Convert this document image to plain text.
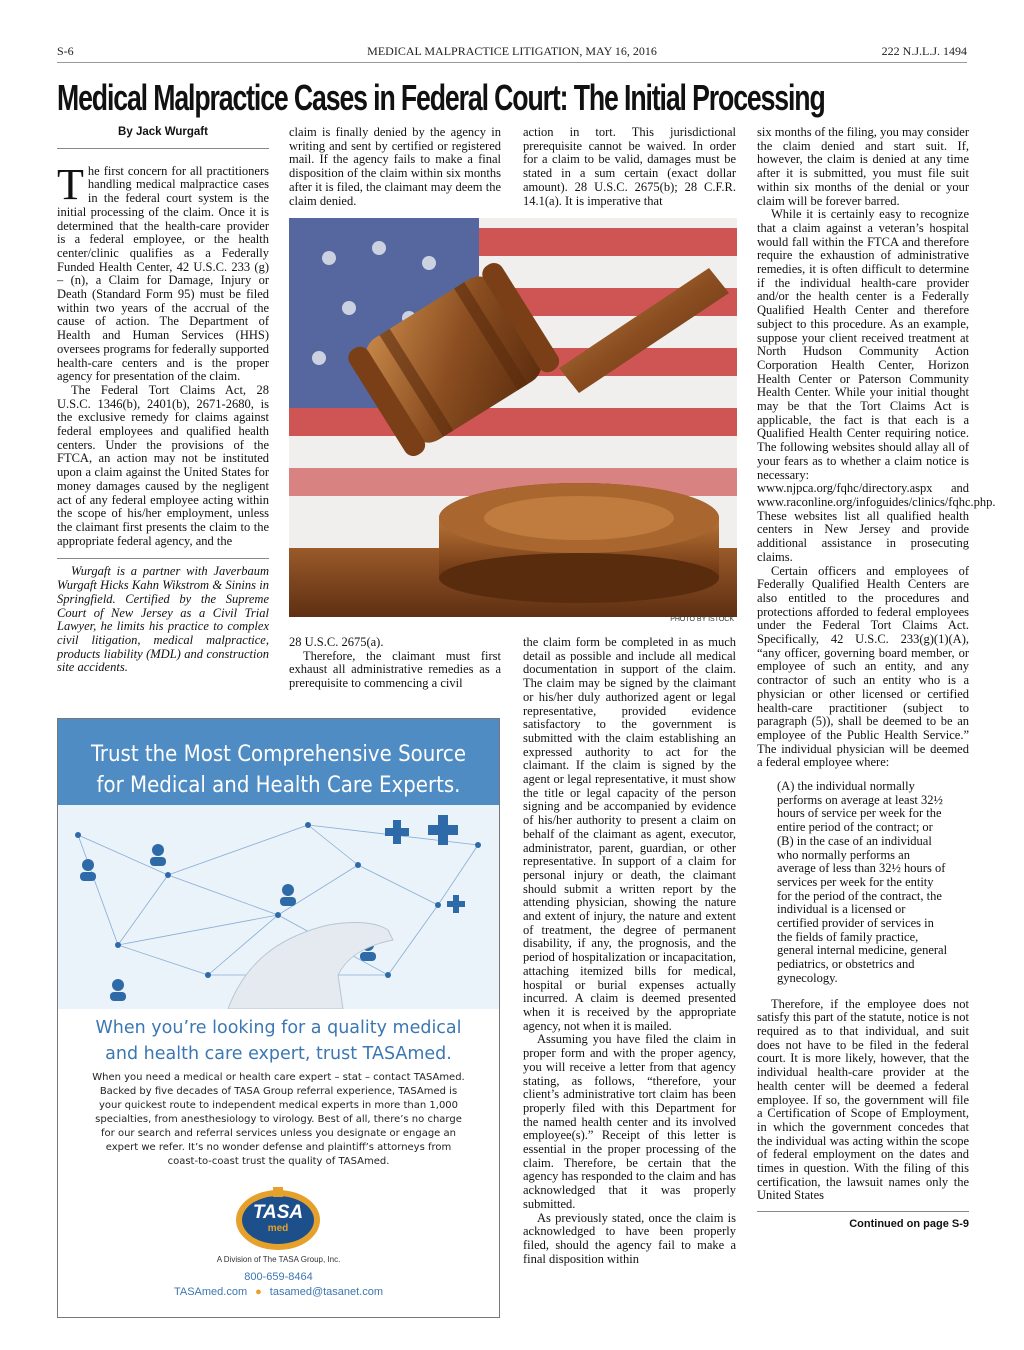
S-6	MEDICAL MALPRACTICE LITIGATION, MAY 16, 2016	222 N.J.L.J. 1494
Medical Malpractice Cases in Federal Court: The Initial Processing
By Jack Wurgaft

The first concern for all practitioners handling medical malpractice cases in the federal court system is the initial processing of the claim. Once it is determined that the health-care provider is a federal employee, or the health center/clinic qualifies as a Federally Funded Health Center, 42 U.S.C. 233 (g) – (n), a Claim for Damage, Injury or Death (Standard Form 95) must be filed within two years of the accrual of the cause of action. The Department of Health and Human Services (HHS) oversees programs for federally supported health-care centers and is the proper agency for presentation of the claim.

The Federal Tort Claims Act, 28 U.S.C. 1346(b), 2401(b), 2671-2680, is the exclusive remedy for claims against federal employees and qualified health centers. Under the provisions of the FTCA, an action may not be instituted upon a claim against the United States for money damages caused by the negligent act of any federal employee acting within the scope of his/her employment, unless the claimant first presents the claim to the appropriate federal agency, and the

Wurgaft is a partner with Javerbaum Wurgaft Hicks Kahn Wikstrom & Sinins in Springfield. Certified by the Supreme Court of New Jersey as a Civil Trial Lawyer, he limits his practice to complex civil litigation, medical malpractice, products liability (MDL) and construction site accidents.

claim is finally denied by the agency in writing and sent by certified or registered mail. If the agency fails to make a final disposition of the claim within six months after it is filed, the claimant may deem the claim denied.
action in tort. This jurisdictional prerequisite cannot be waived. In order for a claim to be valid, damages must be stated in a sum certain (exact dollar amount). 28 U.S.C. 2675(b); 28 C.F.R. 14.1(a). It is imperative that
PHOTO BY ISTOCK

28 U.S.C. 2675(a).

Therefore, the claimant must first exhaust all administrative remedies as a prerequisite to commencing a civil

the claim form be completed in as much detail as possible and include all medical documentation in support of the claim. The claim may be signed by the claimant or his/her duly authorized agent or legal representative, provided evidence satisfactory to the government is submitted with the claim establishing an expressed authority to act for the claimant. If the claim is signed by the agent or legal representative, it must show the title or legal capacity of the person signing and be accompanied by evidence of his/her authority to present a claim on behalf of the claimant as agent, executor, administrator, parent, guardian, or other representative. In support of a claim for personal injury or death, the claimant should submit a written report by the attending physician, showing the nature and extent of injury, the nature and extent of treatment, the degree of permanent disability, if any, the prognosis, and the period of hospitalization or incapacitation, attaching itemized bills for medical, hospital or burial expenses actually incurred. A claim is deemed presented when it is received by the appropriate agency, not when it is mailed.

Assuming you have filed the claim in proper form and with the proper agency, you will receive a letter from that agency stating, as follows, “therefore, your client’s administrative tort claim has been properly filed with this Department for the named health center and its involved employee(s).” Receipt of this letter is essential in the proper processing of the claim. Therefore, be certain that the agency has responded to the claim and has acknowledged that it was properly submitted.

As previously stated, once the claim is acknowledged to have been properly filed, should the agency fail to make a final disposition within

six months of the filing, you may consider the claim denied and start suit. If, however, the claim is denied at any time after it is submitted, you must file suit within six months of the denial or your claim will be forever barred.

While it is certainly easy to recognize that a claim against a veteran’s hospital would fall within the FTCA and therefore require the exhaustion of administrative remedies, it is often difficult to determine if the individual health-care provider and/or the health center is a Federally Qualified Health Center and therefore subject to this procedure. As an example, suppose your client received treatment at North Hudson Community Action Corporation Health Center, Horizon Health Center or Paterson Community Health Center. While your initial thought may be that the Tort Claims Act is applicable, the fact is that each is a Qualified Health Center requiring notice. The following websites should allay all of your fears as to whether a claim notice is necessary: www.njpca.org/fqhc/directory.aspx and www.raconline.org/infoguides/clinics/fqhc.php. These websites list all qualified health centers in New Jersey and provide additional assistance in prosecuting claims.

Certain officers and employees of Federally Qualified Health Centers are also entitled to the procedures and protections afforded to federal employees under the Federal Tort Claims Act. Specifically, 42 U.S.C. 233(g)(1)(A), “any officer, governing board member, or employee of such an entity, and any contractor of such an entity who is a physician or other licensed or certified health-care practitioner (subject to paragraph (5)), shall be deemed to be an employee of the Public Health Service.” The individual physician will be deemed a federal employee where:

(A) the individual normally performs on average at least 32½ hours of service per week for the entire period of the contract; or (B) in the case of an individual who normally performs an average of less than 32½ hours of services per week for the entity for the period of the contract, the individual is a licensed or certified provider of services in the fields of family practice, general internal medicine, general pediatrics, or obstetrics and gynecology.

Therefore, if the employee does not satisfy this part of the statute, notice is not required as to that individual, and suit does not have to be filed in the federal court. It is more likely, however, that the individual health-care provider at the health center will be deemed a federal employee. If so, the government will file a Certification of Scope of Employment, in which the government concedes that the individual was acting within the scope of federal employment on the dates and times in question. With the filing of this certification, the lawsuit names only the United States

Continued on page S-9
Trust the Most Comprehensive Source
for Medical and Health Care Experts.
When you’re looking for a quality medical
and health care expert, trust TASAmed.
When you need a medical or health care expert – stat – contact TASAmed. Backed by five decades of TASA Group referral experience, TASAmed is your quickest route to independent medical experts in more than 1,000 specialties, from anesthesiology to virology. Best of all, there’s no charge for our search and referral services unless you designate or engage an expert we refer. It’s no wonder defense and plaintiff’s attorneys from coast-to-coast trust the quality of TASAmed.
TASA
med
A Division of The TASA Group, Inc.
800-659-8464
TASAmed.com ● tasamed@tasanet.com
